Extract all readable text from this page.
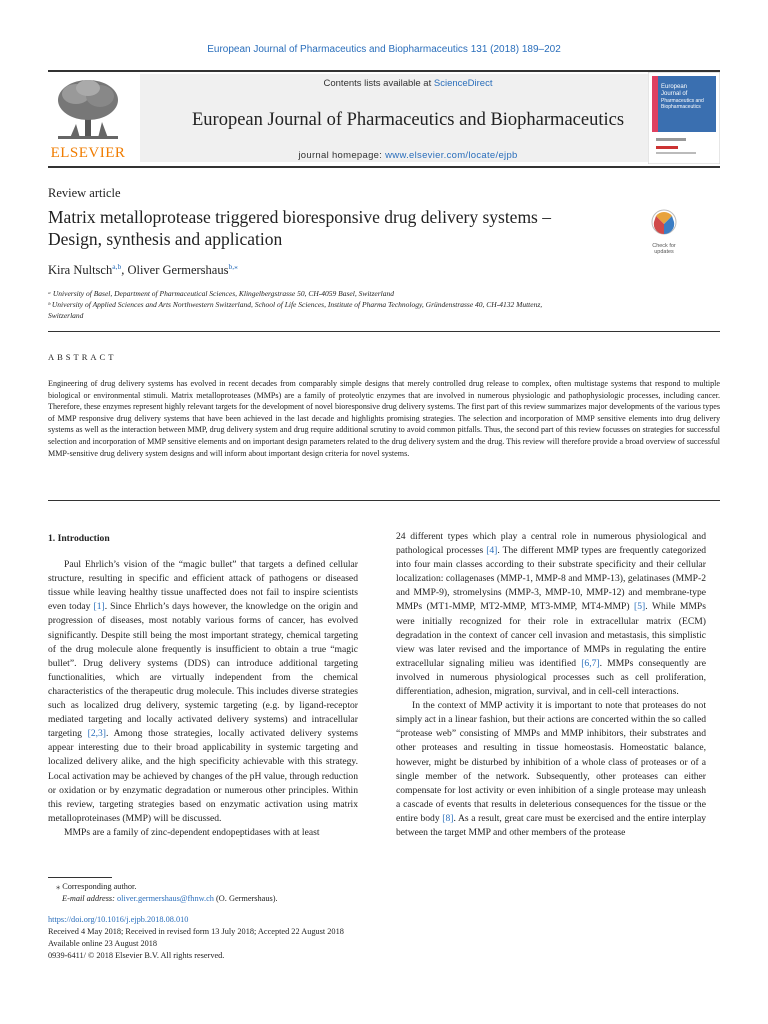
European Journal of Pharmaceutics and Biopharmaceutics 131 (2018) 189–202
ELSEVIER
Contents lists available at ScienceDirect
European Journal of Pharmaceutics and Biopharmaceutics
journal homepage: www.elsevier.com/locate/ejpb
European
Journal of
Pharmaceutics and
Biopharmaceutics
Review article
Matrix metalloprotease triggered bioresponsive drug delivery systems –
Design, synthesis and application	Check for updates
Kira Nultsch$^{a,b}$, Oliver Germershaus$^{b,⁎}$
ᵃ University of Basel, Department of Pharmaceutical Sciences, Klingelbergstrasse 50, CH-4059 Basel, Switzerland
ᵇ University of Applied Sciences and Arts Northwestern Switzerland, School of Life Sciences, Institute of Pharma Technology, Gründenstrasse 40, CH-4132 Muttenz,
Switzerland
ABSTRACT
Engineering of drug delivery systems has evolved in recent decades from comparably simple designs that merely controlled drug release to complex, often multistage systems that respond to multiple biological or environmental stimuli. Matrix metalloproteases (MMPs) are a family of proteolytic enzymes that are involved in numerous physiologic and pathophysiologic processes, including cancer. Therefore, these enzymes represent highly relevant targets for the development of novel bioresponsive drug delivery systems. The first part of this review summarizes major developments of the various types of MMP responsive drug delivery systems that have been achieved in the last decade and highlights promising strategies. The selection and incorporation of MMP sensitive elements into drug delivery systems as well as the interaction between MMP, drug delivery system and drug require additional scrutiny to avoid common pitfalls. Thus, the second part of this review focusses on strategies for successful selection and incorporation of MMP sensitive elements and on important design parameters related to the drug delivery system and the drug. This review will therefore provide a broad overview of successful MMP-sensitive drug delivery system designs and will inform about important design criteria for novel systems.
1. Introduction

Paul Ehrlich’s vision of the “magic bullet” that targets a defined cellular structure, resulting in specific and efficient attack of pathogens or diseased tissue while leaving healthy tissue unaffected does not fail to inspire scientists even today [1]. Since Ehrlich’s days however, the knowledge on the origin and progression of diseases, most notably various forms of cancer, has evolved significantly. Despite still being the most important strategy, chemical targeting of the drug molecule alone frequently is insufficient to obtain a true “magic bullet”. Drug delivery systems (DDS) can introduce additional targeting functionalities, which are virtually independent from the chemical characteristics of the therapeutic drug molecule. This includes diverse strategies such as localized drug delivery, systemic targeting (e.g. by ligand-receptor mediated targeting and locally activated delivery systems) and intracellular targeting [2,3]. Among those strategies, locally activated delivery systems appear interesting due to their broad applicability in systemic targeting and localized delivery alike, and the high specificity achievable with this strategy. Local activation may be achieved by changes of the pH value, through reduction or oxidation or by enzymatic degradation or numerous other principles. Within this review, targeting strategies based on enzymatic activation using matrix metalloproteinases (MMP) will be discussed.

MMPs are a family of zinc-dependent endopeptidases with at least

24 different types which play a central role in numerous physiological and pathological processes [4]. The different MMP types are frequently categorized into four main classes according to their substrate specificity and their cellular localization: collagenases (MMP-1, MMP-8 and MMP-13), gelatinases (MMP-2 and MMP-9), stromelysins (MMP-3, MMP-10, MMP-12) and membrane-type MMPs (MT1-MMP, MT2-MMP, MT3-MMP, MT4-MMP) [5]. While MMPs were initially recognized for their role in extracellular matrix (ECM) degradation in the context of cancer cell invasion and metastasis, this simplistic view was later revised and the importance of MMPs in regulating the entire extracellular signaling milieu was identified [6,7]. MMPs consequently are involved in numerous physiological processes such as cell proliferation, differentiation, adhesion, migration, survival, and in cell-cell interactions.

In the context of MMP activity it is important to note that proteases do not simply act in a linear fashion, but their actions are concerted within the so called “protease web” consisting of MMPs and MMP inhibitors, their substrates and other proteases and resulting in tissue homeostasis. Homeostatic balance, however, might be disturbed by inhibition of a whole class of proteases or of a single member of the network. Subsequently, other proteases can either compensate for lost activity or even inhibition of a single protease may unleash a cascade of events that results in deleterious consequences for the tissue or the entire body [8]. As a result, great care must be exercised and the entire interplay between the target MMP and other members of the protease

⁎ Corresponding author.
E-mail address: oliver.germershaus@fhnw.ch (O. Germershaus).
https://doi.org/10.1016/j.ejpb.2018.08.010
Received 4 May 2018; Received in revised form 13 July 2018; Accepted 22 August 2018
Available online 23 August 2018
0939-6411/ © 2018 Elsevier B.V. All rights reserved.
